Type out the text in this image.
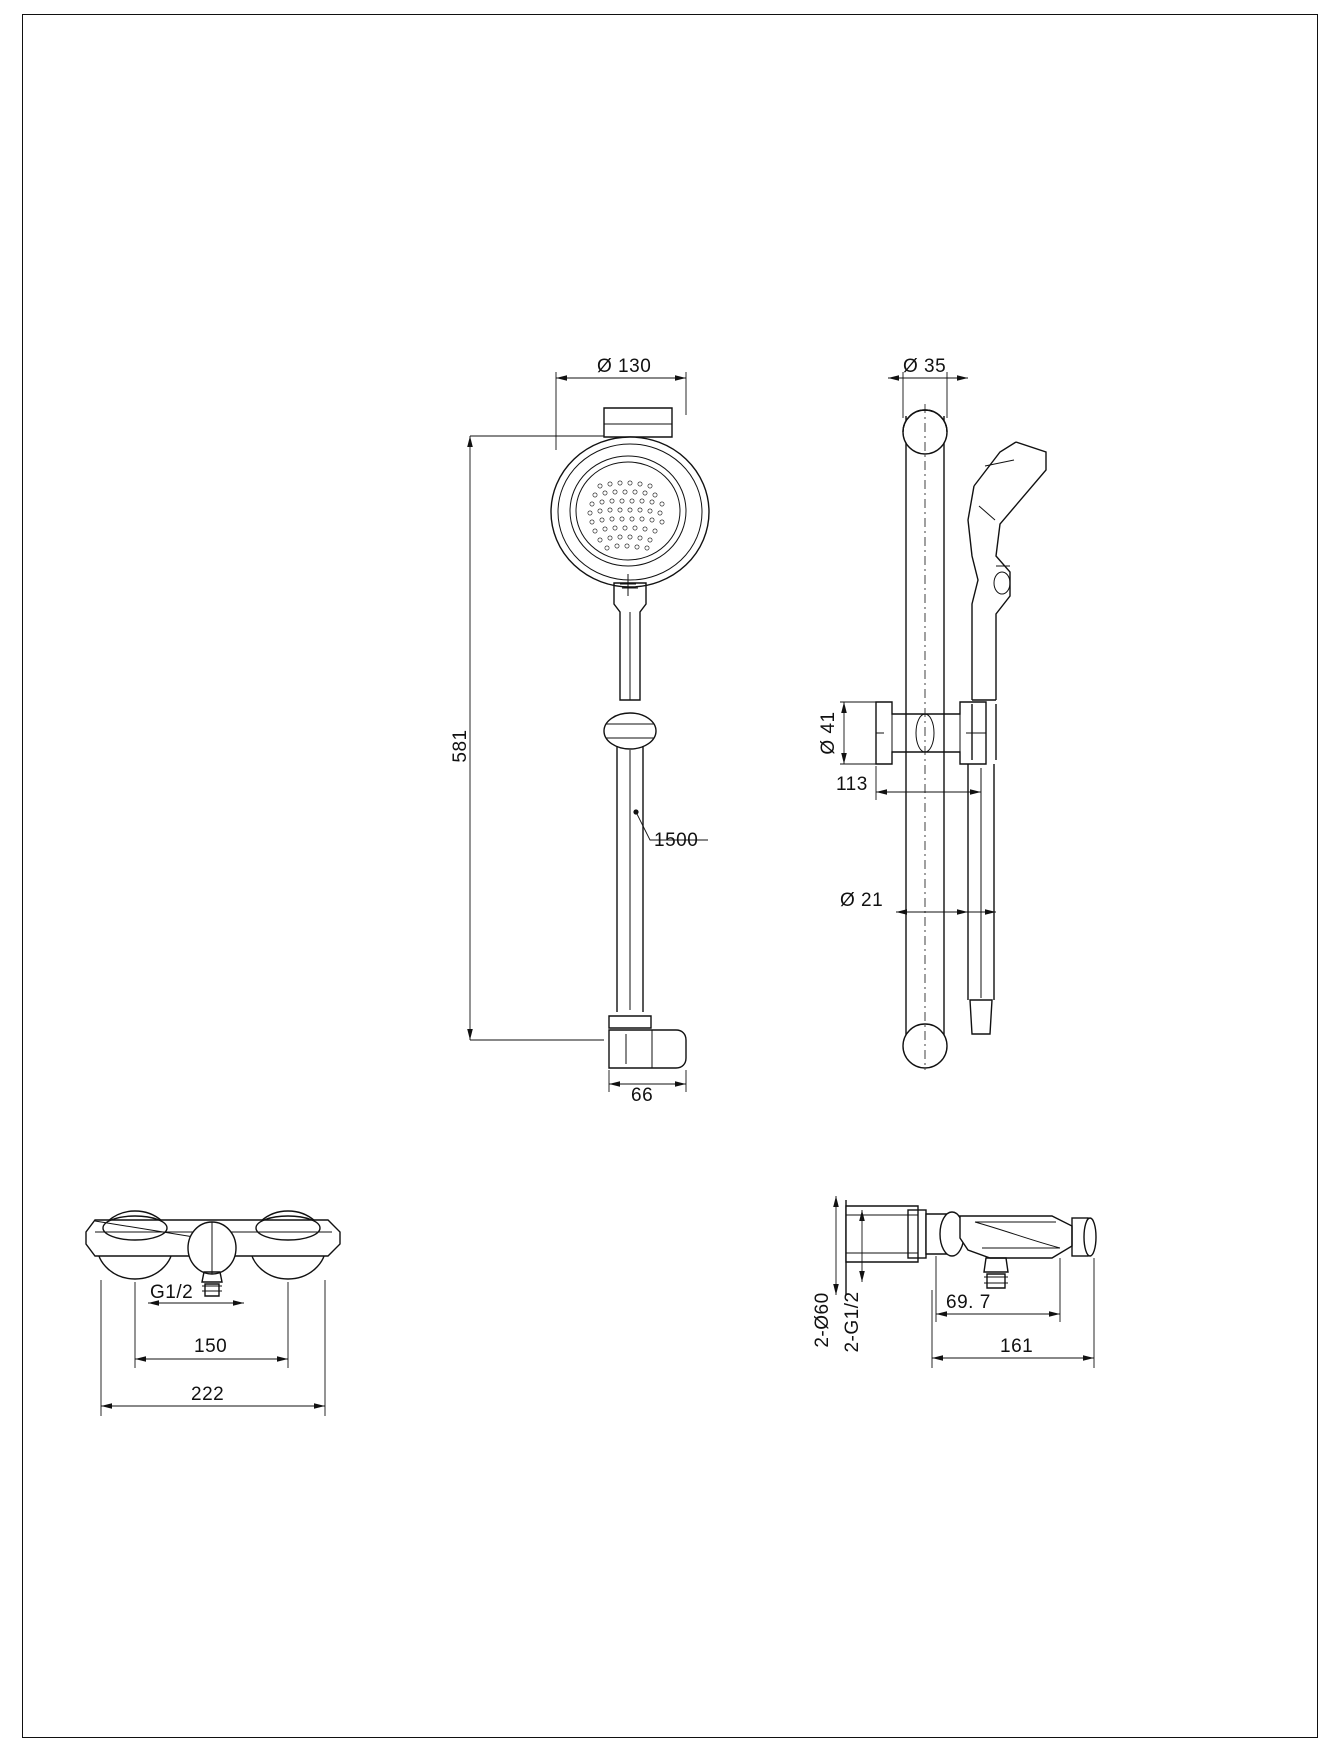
Ø 130
581
1500
66
Ø 35
Ø 41
113
Ø 21
G1/2
150
222
2-Ø60 2-G1/2	69. 7
161
